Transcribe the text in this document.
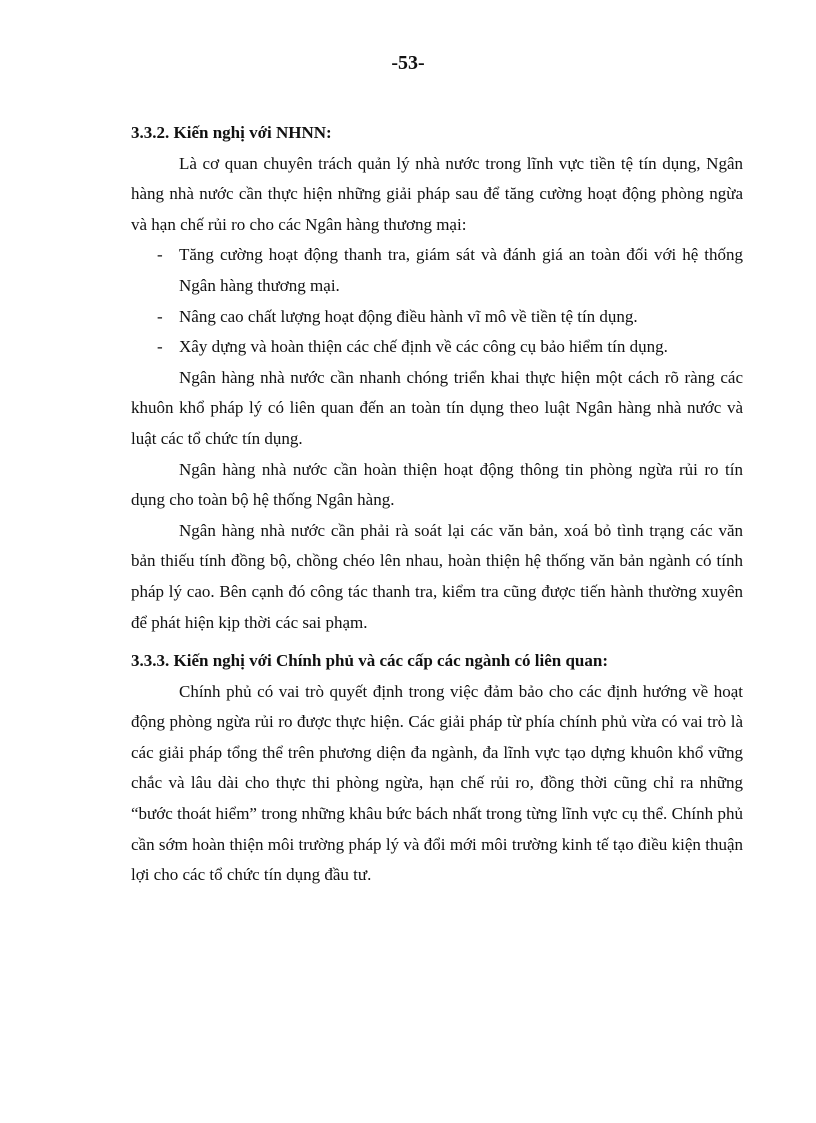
-53-

3.3.2. Kiến nghị với NHNN:

Là cơ quan chuyên trách quản lý nhà nước trong lĩnh vực tiền tệ tín dụng, Ngân hàng nhà nước cần thực hiện những giải pháp sau để tăng cường hoạt động phòng ngừa và hạn chế rủi ro cho các Ngân hàng thương mại:

- Tăng cường hoạt động thanh tra, giám sát và đánh giá an toàn đối với hệ thống Ngân hàng thương mại.
- Nâng cao chất lượng hoạt động điều hành vĩ mô về tiền tệ tín dụng.
- Xây dựng và hoàn thiện các chế định về các công cụ bảo hiểm tín dụng.

Ngân hàng nhà nước cần nhanh chóng triển khai thực hiện một cách rõ ràng các khuôn khổ pháp lý có liên quan đến an toàn tín dụng theo luật Ngân hàng nhà nước và luật các tổ chức tín dụng.

Ngân hàng nhà nước cần hoàn thiện hoạt động thông tin phòng ngừa rủi ro tín dụng cho toàn bộ hệ thống Ngân hàng.

Ngân hàng nhà nước cần phải rà soát lại các văn bản, xoá bỏ tình trạng các văn bản thiếu tính đồng bộ, chồng chéo lên nhau, hoàn thiện hệ thống văn bản ngành có tính pháp lý cao. Bên cạnh đó công tác thanh tra, kiểm tra cũng được tiến hành thường xuyên để phát hiện kịp thời các sai phạm.

3.3.3. Kiến nghị với Chính phủ và các cấp các ngành có liên quan:

Chính phủ có vai trò quyết định trong việc đảm bảo cho các định hướng về hoạt động phòng ngừa rủi ro được thực hiện. Các giải pháp từ phía chính phủ vừa có vai trò là các giải pháp tổng thể trên phương diện đa ngành, đa lĩnh vực tạo dựng khuôn khổ vững chắc và lâu dài cho thực thi phòng ngừa, hạn chế rủi ro, đồng thời cũng chỉ ra những “bước thoát hiểm” trong những khâu bức bách nhất trong từng lĩnh vực cụ thể. Chính phủ cần sớm hoàn thiện môi trường pháp lý và đổi mới môi trường kinh tế tạo điều kiện thuận lợi cho các tổ chức tín dụng đầu tư.
